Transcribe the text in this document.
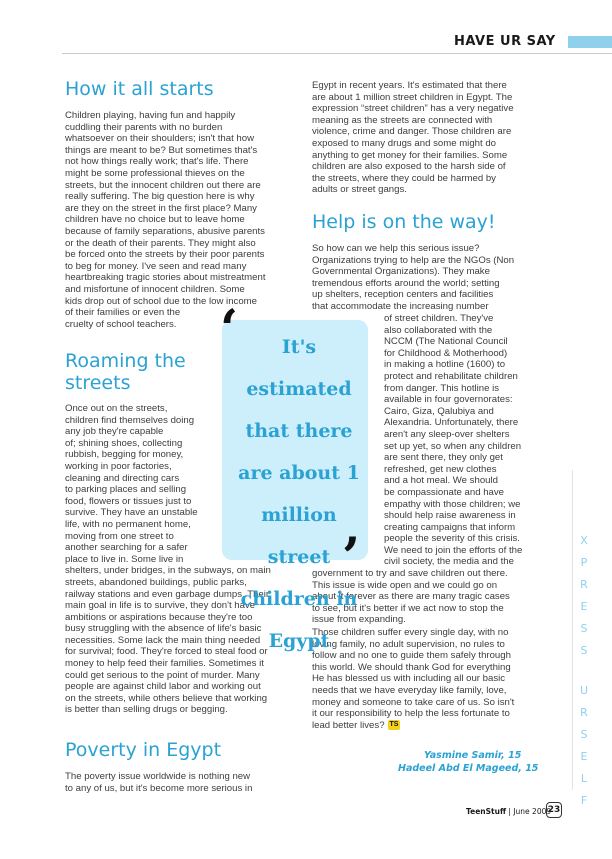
HAVE UR SAY
How it all starts
Children playing, having fun and happily
cuddling their parents with no burden
whatsoever on their shoulders; isn't that how
things are meant to be? But sometimes that's
not how things really work; that's life. There
might be some professional thieves on the
streets, but the innocent children out there are
really suffering. The big question here is why
are they on the street in the first place? Many
children have no choice but to leave home
because of family separations, abusive parents
or the death of their parents. They might also
be forced onto the streets by their poor parents
to beg for money. I've seen and read many
heartbreaking tragic stories about mistreatment
and misfortune of innocent children. Some
kids drop out of school due to the low income
of their families or even the
cruelty of school teachers.
Roaming the
streets
Once out on the streets,
children find themselves doing
any job they're capable
of; shining shoes, collecting
rubbish, begging for money,
working in poor factories,
cleaning and directing cars
to parking places and selling
food, flowers or tissues just to
survive. They have an unstable
life, with no permanent home,
moving from one street to
another searching for a safer
place to live in. Some live in
shelters, under bridges, in the subways, on main
streets, abandoned buildings, public parks,
railway stations and even garbage dumps. Their
main goal in life is to survive, they don't have
ambitions or aspirations because they're too
busy struggling with the absence of life's basic
necessities. Some lack the main thing needed
for survival; food. They're forced to steal food or
money to help feed their families. Sometimes it
could get serious to the point of murder. Many
people are against child labor and working out
on the streets, while others believe that working
is better than selling drugs or begging.
Poverty in Egypt
The poverty issue worldwide is nothing new
to any of us, but it's become more serious in
Egypt in recent years. It's estimated that there
are about 1 million street children in Egypt. The
expression “street children” has a very negative
meaning as the streets are connected with
violence, crime and danger. Those children are
exposed to many drugs and some might do
anything to get money for their families. Some
children are also exposed to the harsh side of
the streets, where they could be harmed by
adults or street gangs.
Help is on the way!
So how can we help this serious issue?
Organizations trying to help are the NGOs (Non
Governmental Organizations). They make
tremendous efforts around the world; setting
up shelters, reception centers and facilities
that accommodate the increasing number
of street children. They've
also collaborated with the
NCCM (The National Council
for Childhood & Motherhood)
in making a hotline (1600) to
protect and rehabilitate children
from danger. This hotline is
available in four governorates:
Cairo, Giza, Qalubiya and
Alexandria. Unfortunately, there
aren't any sleep-over shelters
set up yet, so when any children
are sent there, they only get
refreshed, get new clothes
and a hot meal. We should
be compassionate and have
empathy with those children; we
should help raise awareness in
creating campaigns that inform
people the severity of this crisis.
We need to join the efforts of the
civil society, the media and the
government to try and save children out there.
This issue is wide open and we could go on
about it forever as there are many tragic cases
to see, but it's better if we act now to stop the
issue from expanding.
Those children suffer every single day, with no
loving family, no adult supervision, no rules to
follow and no one to guide them safely through
this world. We should thank God for everything
He has blessed us with including all our basic
needs that we have everyday like family, love,
money and someone to take care of us. So isn't
it our responsibility to help the less fortunate to
lead better lives? TS
It's estimated
that there
are about 1
million street
children in
Egypt
‘
’	X
P
R
E
S
S
U
R
S
E
L
F
Yasmine Samir, 15
Hadeel Abd El Mageed, 15
TeenStuff | June 2009
23
